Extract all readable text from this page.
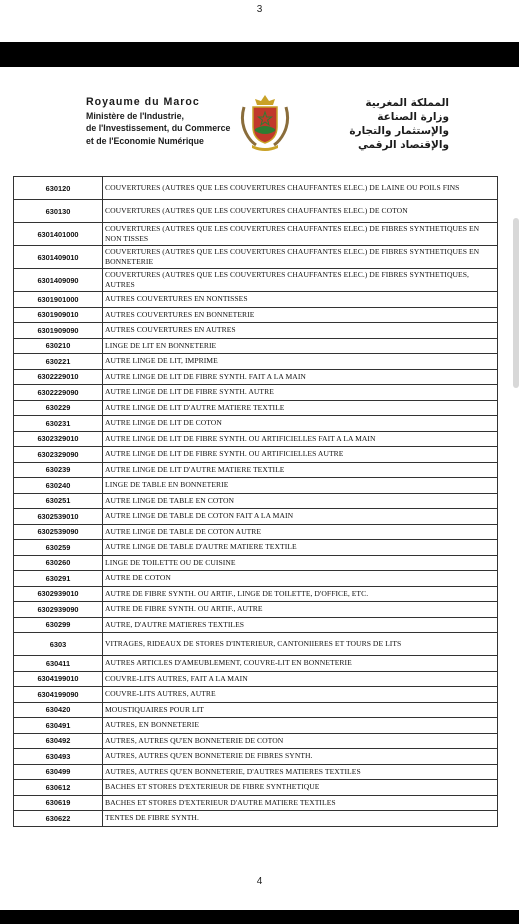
3
Royaume du Maroc
Ministère de l'Industrie,
de l'Investissement, du Commerce
et de l'Economie Numérique
المملكة المغربية
وزارة الصناعة
والإستثمار والتجارة
والإقتصاد الرقمي
630120	COUVERTURES (AUTRES QUE LES COUVERTURES CHAUFFANTES ELEC.) DE LAINE OU POILS FINS
630130	COUVERTURES (AUTRES QUE LES COUVERTURES CHAUFFANTES ELEC.) DE COTON
6301401000	COUVERTURES (AUTRES QUE LES COUVERTURES CHAUFFANTES ELEC.) DE FIBRES SYNTHETIQUES EN NON TISSES
6301409010	COUVERTURES (AUTRES QUE LES COUVERTURES CHAUFFANTES ELEC.) DE FIBRES SYNTHETIQUES EN BONNETERIE
6301409090	COUVERTURES (AUTRES QUE LES COUVERTURES CHAUFFANTES ELEC.) DE FIBRES SYNTHETIQUES, AUTRES
6301901000	AUTRES COUVERTURES EN NONTISSES
6301909010	AUTRES COUVERTURES EN BONNETERIE
6301909090	AUTRES COUVERTURES EN AUTRES
630210	LINGE DE LIT EN BONNETERIE
630221	AUTRE LINGE DE LIT, IMPRIME
6302229010	AUTRE LINGE DE LIT DE FIBRE SYNTH. FAIT A LA MAIN
6302229090	AUTRE LINGE DE LIT DE FIBRE SYNTH. AUTRE
630229	AUTRE LINGE DE LIT D'AUTRE MATIERE TEXTILE
630231	AUTRE LINGE DE LIT DE COTON
6302329010	AUTRE LINGE DE LIT DE FIBRE SYNTH. OU ARTIFICIELLES FAIT A LA MAIN
6302329090	AUTRE LINGE DE LIT DE FIBRE SYNTH. OU ARTIFICIELLES AUTRE
630239	AUTRE LINGE DE LIT D'AUTRE MATIERE TEXTILE
630240	LINGE DE TABLE EN BONNETERIE
630251	AUTRE LINGE DE TABLE EN COTON
6302539010	AUTRE LINGE DE TABLE DE COTON FAIT A LA MAIN
6302539090	AUTRE LINGE DE TABLE DE COTON AUTRE
630259	AUTRE LINGE DE TABLE D'AUTRE MATIERE TEXTILE
630260	LINGE DE TOILETTE OU DE CUISINE
630291	AUTRE DE COTON
6302939010	AUTRE DE FIBRE SYNTH. OU ARTIF., LINGE DE TOILETTE, D'OFFICE, ETC.
6302939090	AUTRE DE FIBRE SYNTH. OU ARTIF., AUTRE
630299	AUTRE, D'AUTRE MATIERES TEXTILES
6303	VITRAGES, RIDEAUX DE STORES D'INTERIEUR, CANTONIIERES ET TOURS DE LITS
630411	AUTRES ARTICLES D'AMEUBLEMENT, COUVRE-LIT EN BONNETERIE
6304199010	COUVRE-LITS AUTRES, FAIT A LA MAIN
6304199090	COUVRE-LITS AUTRES, AUTRE
630420	MOUSTIQUAIRES POUR LIT
630491	AUTRES, EN BONNETERIE
630492	AUTRES, AUTRES QU'EN BONNETERIE DE COTON
630493	AUTRES, AUTRES QU'EN BONNETERIE DE FIBRES SYNTH.
630499	AUTRES, AUTRES QU'EN BONNETERIE, D'AUTRES MATIERES TEXTILES
630612	BACHES ET STORES D'EXTERIEUR DE FIBRE SYNTHETIQUE
630619	BACHES ET STORES D'EXTERIEUR D'AUTRE MATIERE TEXTILES
630622	TENTES DE FIBRE SYNTH.
4
